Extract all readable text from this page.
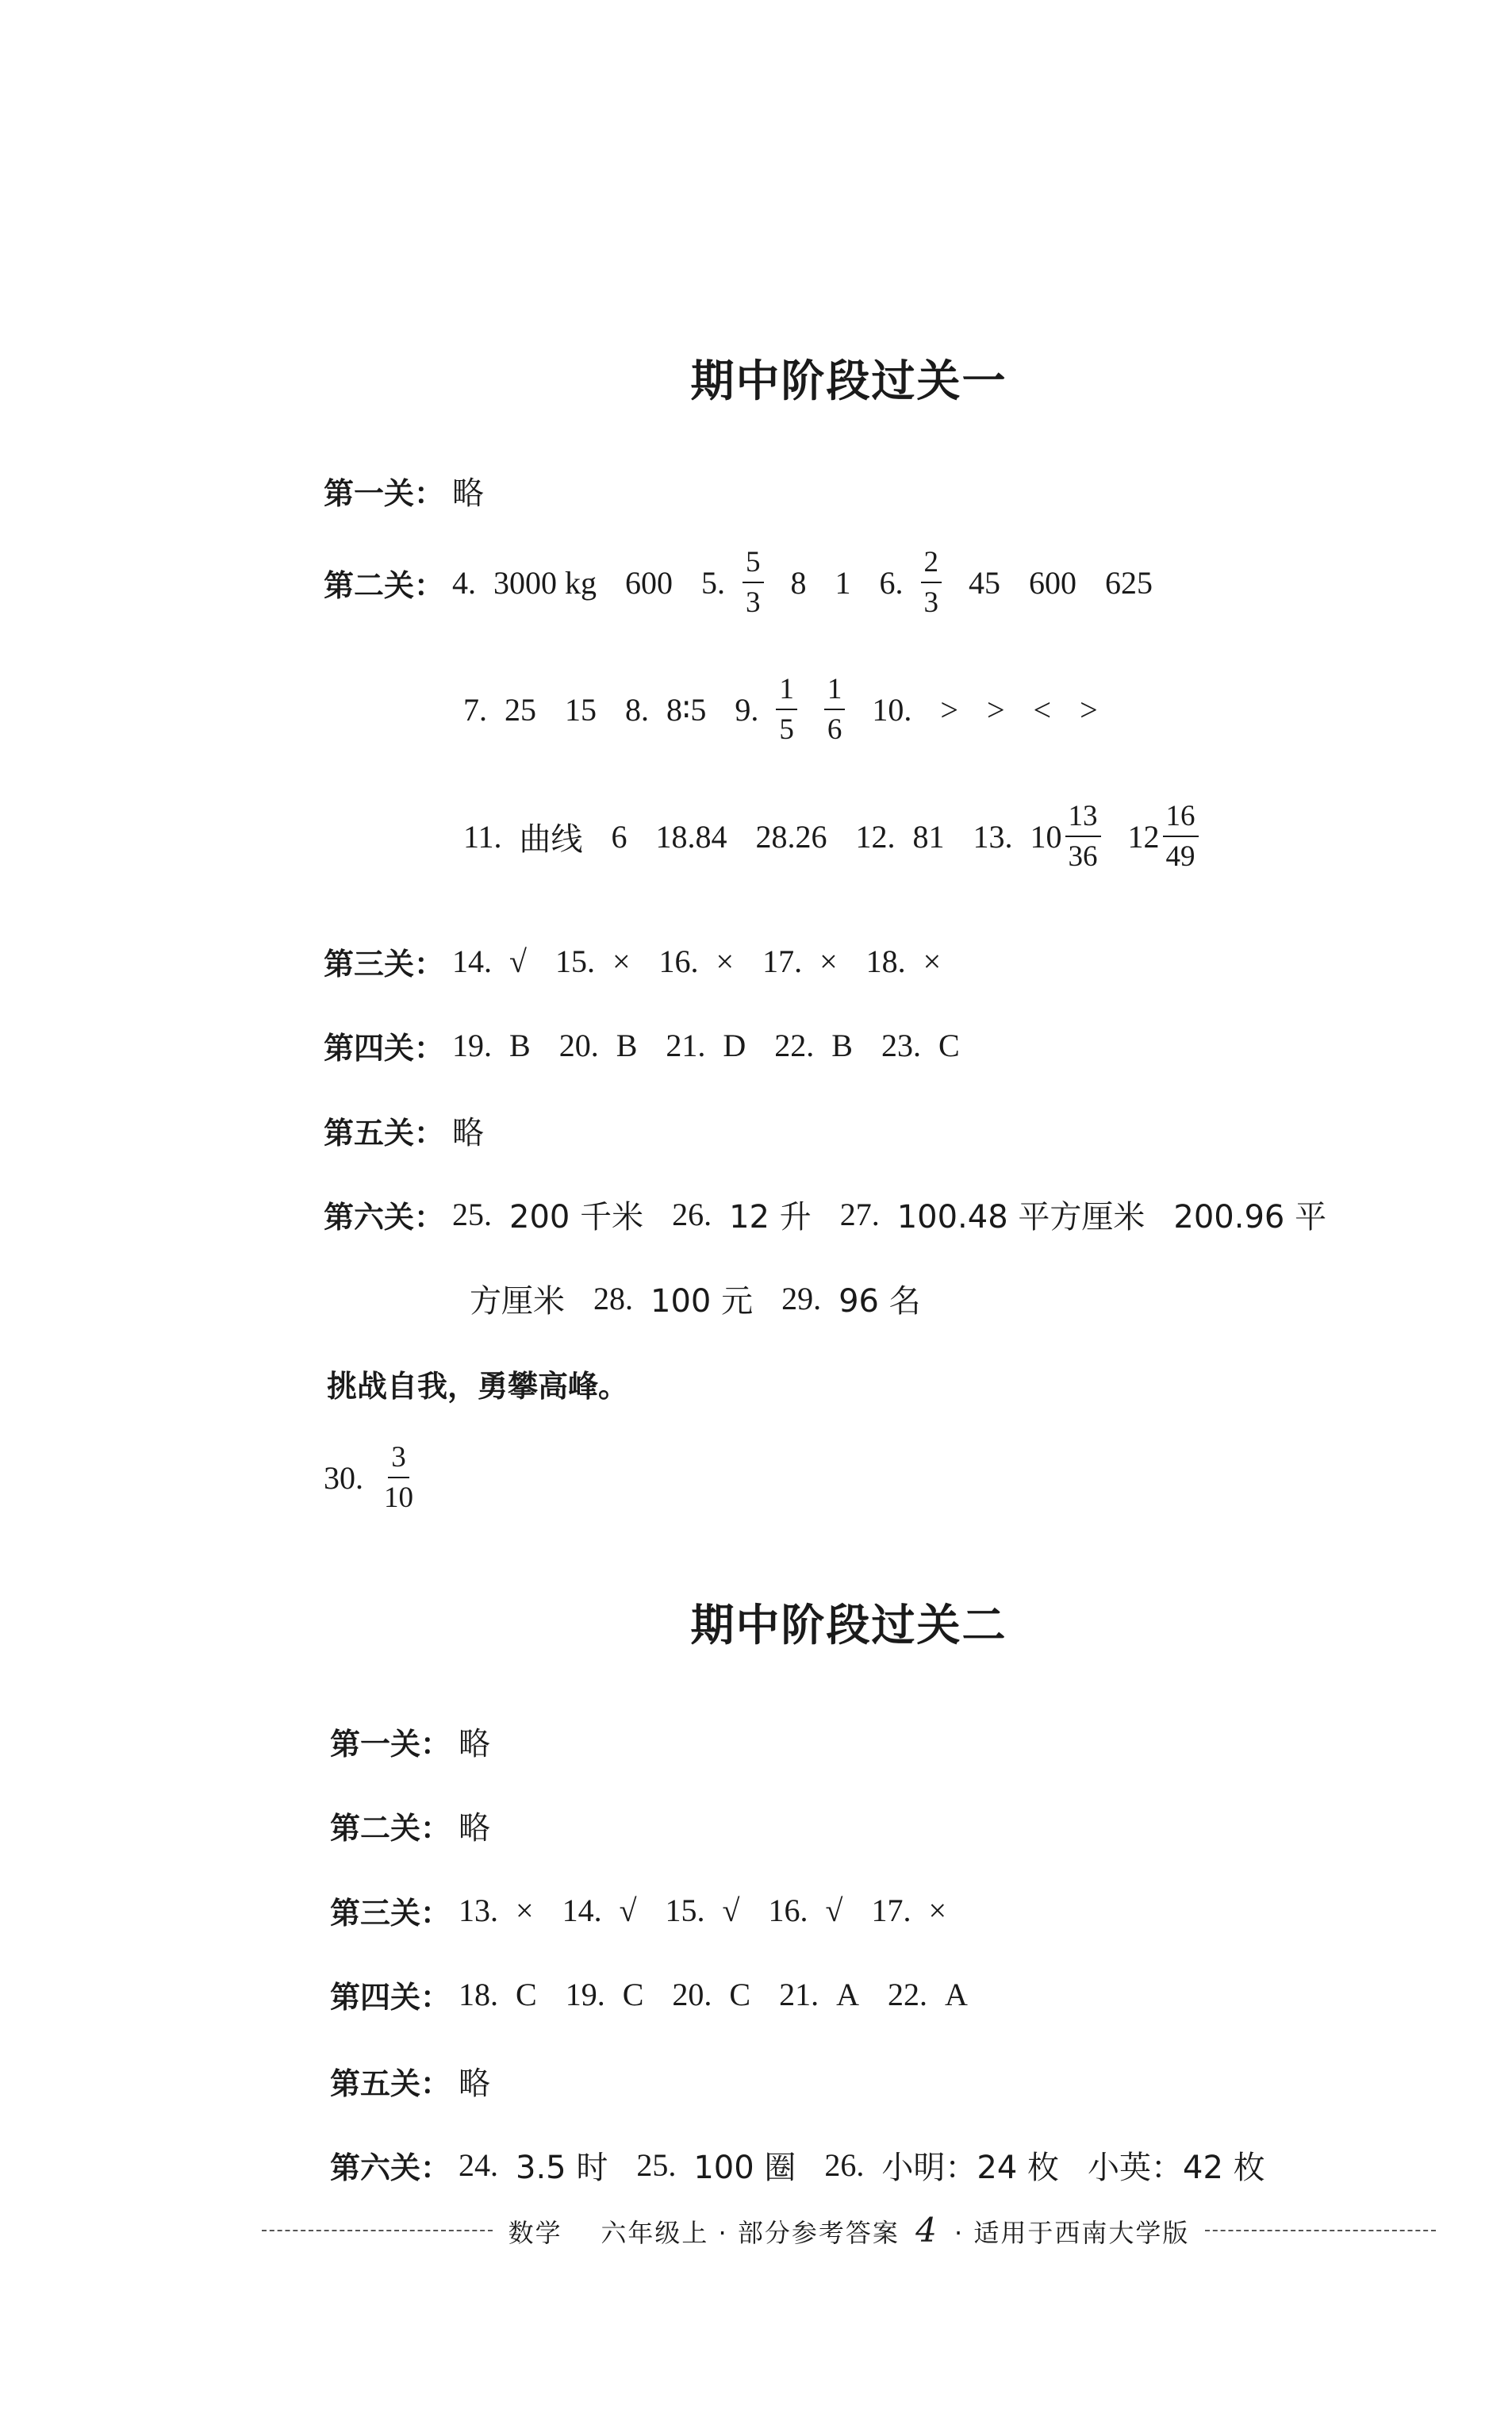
期中阶段过关一
第一关： 略
第二关： 4. 3000 kg 600 5. $\frac{5}{3} 8$ 1 6. $\frac{2}{3} 45$ 600 625
7. 25 15 8. 8∶5 9. $\frac{1}{5} \frac{1}{6} 10$. > > < >
11. 曲线 6 18.84 28.26 12. 81 13. $10 \frac{13}{36} 12 \frac{16}{49}$
第三关： 14. √ 15. × 16. × 17. × 18. ×
第四关： 19. B 20. B 21. D 22. B 23. C
第五关： 略
第六关： 25. 200 千米 26. 12 升 27. 100.48 平方厘米 200.96 平
方厘米 28. 100 元 29. 96 名
挑战自我，勇攀高峰。
30. $\frac{3}{10}$
期中阶段过关二
第一关： 略
第二关： 略
第三关： 13. × 14. √ 15. √ 16. √ 17. ×
第四关： 18. C 19. C 20. C 21. A 22. A
第五关： 略
第六关： 24. 3.5 时 25. 100 圈 26. 小明：24 枚 小英：42 枚
数学 六年级上 · 部分参考答案 4 · 适用于西南大学版
